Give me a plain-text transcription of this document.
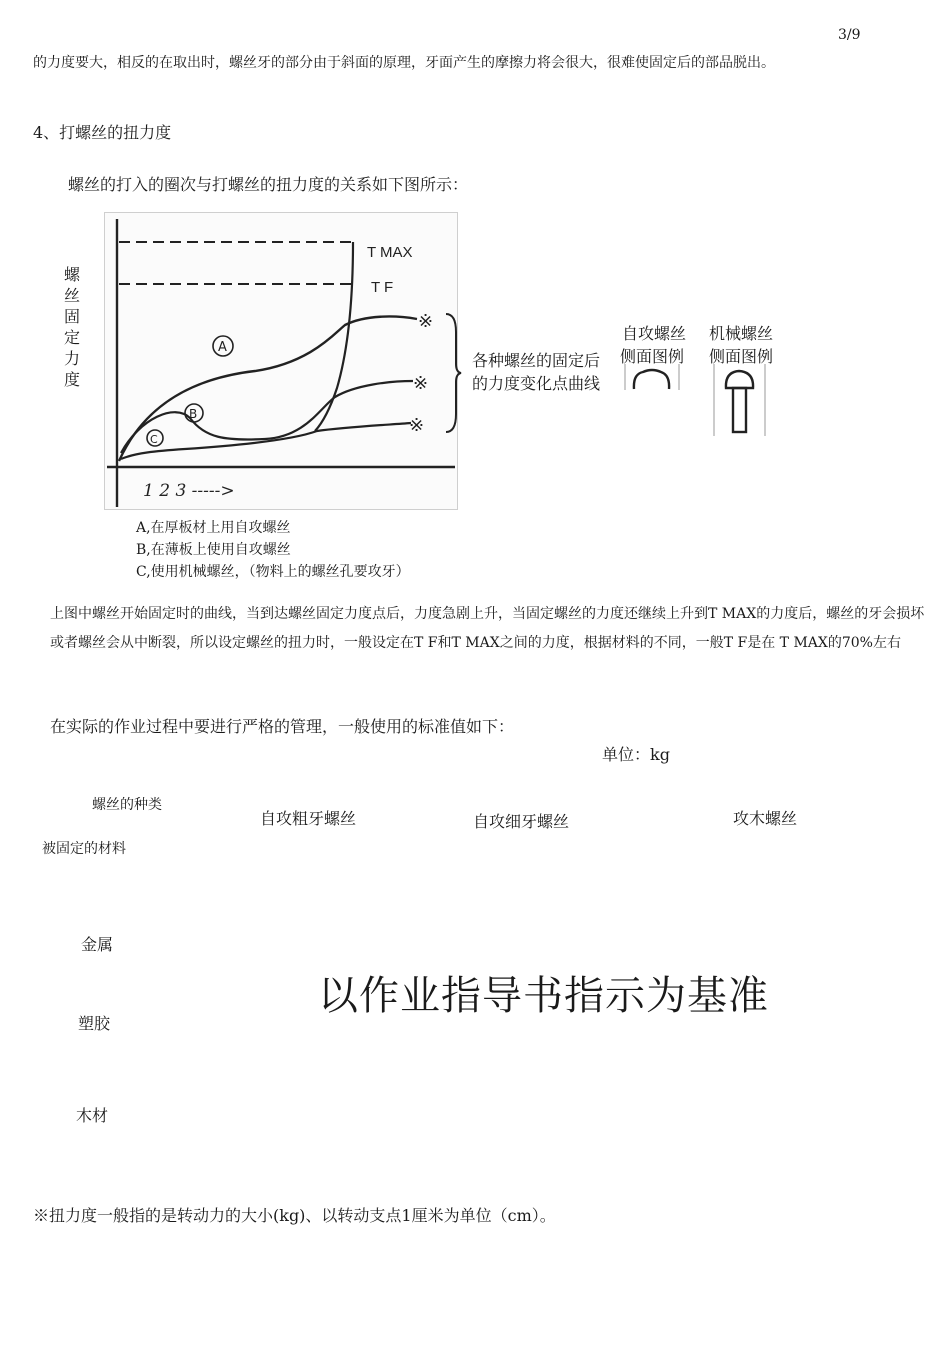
3/9
的力度要大，相反的在取出时，螺丝牙的部分由于斜面的原理，牙面产生的摩擦力将会很大，很难使固定后的部品脱出。
4、打螺丝的扭力度
螺丝的打入的圈次与打螺丝的扭力度的关系如下图所示：
螺丝固定力度
※
※
※
A
B
C
T MAX
T F
1 2 3 ----->
各种螺丝的固定后
的力度变化点曲线
自攻螺丝
侧面图例
机械螺丝
侧面图例
A,在厚板材上用自攻螺丝
B,在薄板上使用自攻螺丝
C,使用机械螺丝，（物料上的螺丝孔要攻牙）
上图中螺丝开始固定时的曲线，当到达螺丝固定力度点后，力度急剧上升，当固定螺丝的力度还继续上升到T MAX的力度后，螺丝的牙会损坏或者螺丝会从中断裂，所以设定螺丝的扭力时，一般设定在T F和T MAX之间的力度，根据材料的不同，一般T F是在 T MAX的70%左右
在实际的作业过程中要进行严格的管理，一般使用的标准值如下：
单位：kg
螺丝的种类
被固定的材料
自攻粗牙螺丝	自攻细牙螺丝	攻木螺丝
金属
塑胶
木材
以作业指导书指示为基准
※扭力度一般指的是转动力的大小(kg)、以转动支点1厘米为单位（cm）。
